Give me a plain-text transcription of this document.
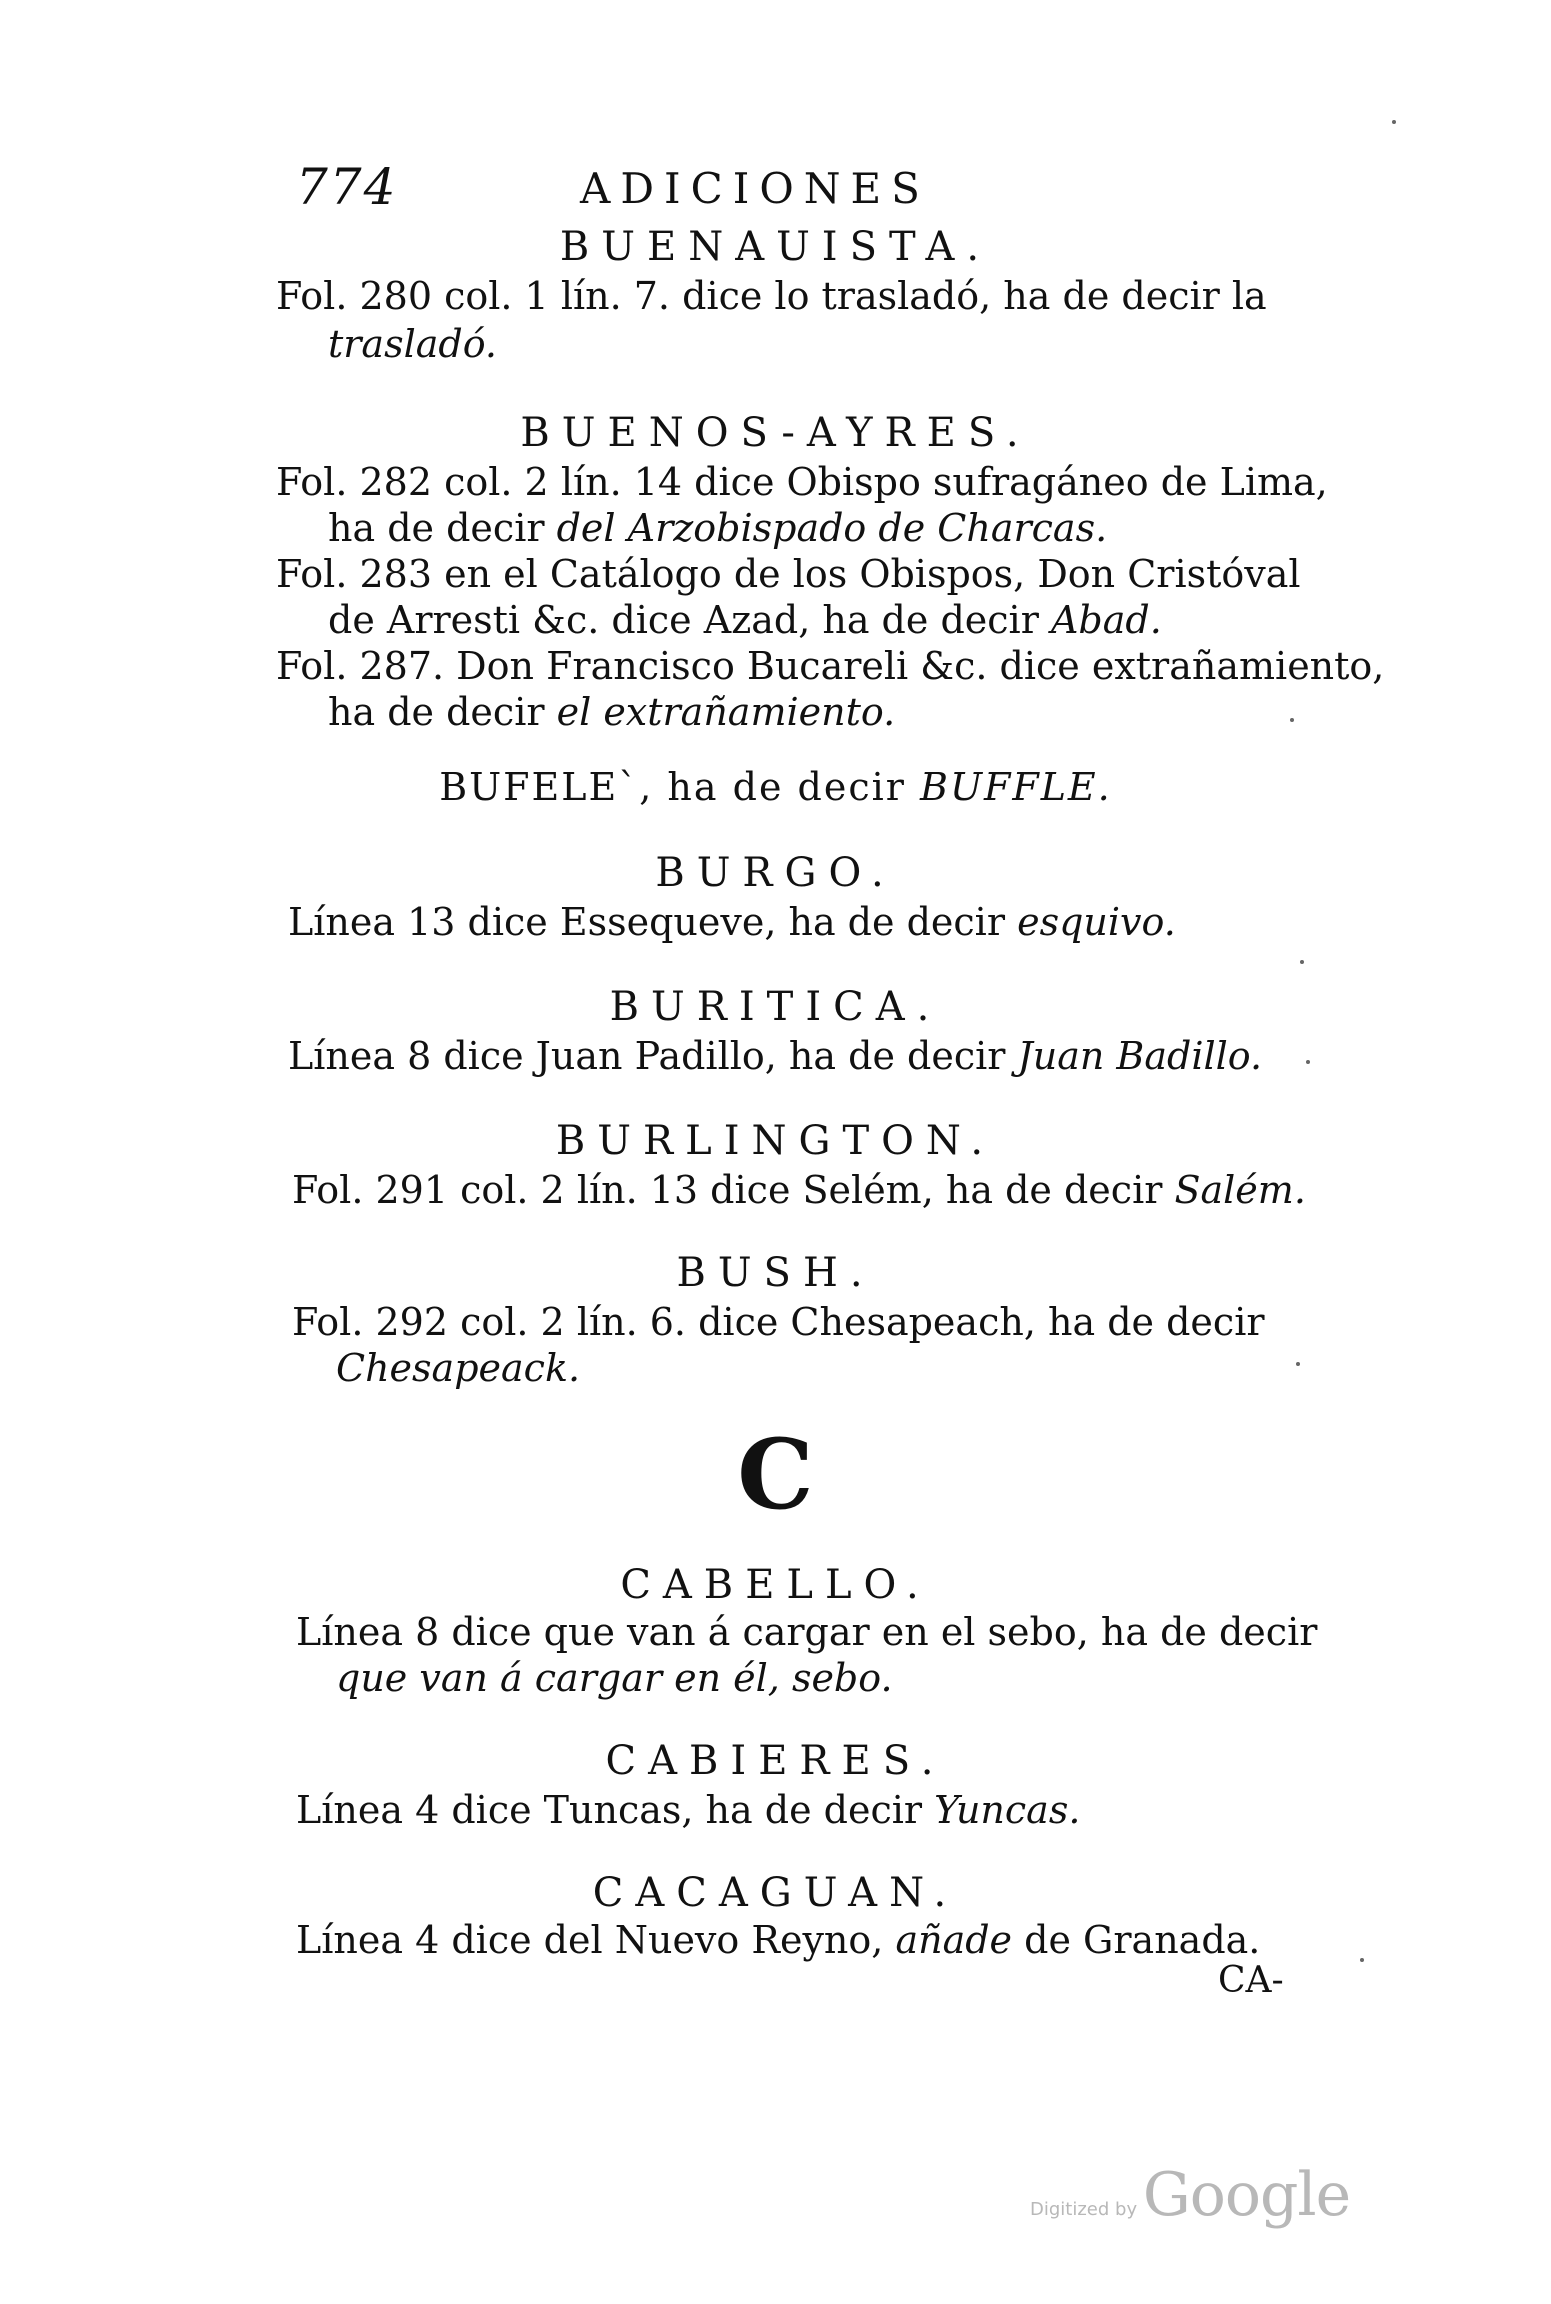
774	ADICIONES
BUENAUISTA.
Fol. 280 col. 1 lín. 7. dice lo trasladó, ha de decir la
trasladó.
BUENOS-AYRES.
Fol. 282 col. 2 lín. 14 dice Obispo sufragáneo de Lima,
ha de decir del Arzobispado de Charcas.
Fol. 283 en el Catálogo de los Obispos, Don Cristóval
de Arresti &c. dice Azad, ha de decir Abad.
Fol. 287. Don Francisco Bucareli &c. dice extrañamiento,
ha de decir el extrañamiento.
BUFELE`, ha de decir BUFFLE.
BURGO.
Línea 13 dice Essequeve, ha de decir esquivo.
BURITICA.
Línea 8 dice Juan Padillo, ha de decir Juan Badillo.
BURLINGTON.
Fol. 291 col. 2 lín. 13 dice Selém, ha de decir Salém.
BUSH.
Fol. 292 col. 2 lín. 6. dice Chesapeach, ha de decir
Chesapeack.
C
CABELLO.
Línea 8 dice que van á cargar en el sebo, ha de decir
que van á cargar en él, sebo.
CABIERES.
Línea 4 dice Tuncas, ha de decir Yuncas.
CACAGUAN.
Línea 4 dice del Nuevo Reyno, añade de Granada.
CA-
Digitized by Google
